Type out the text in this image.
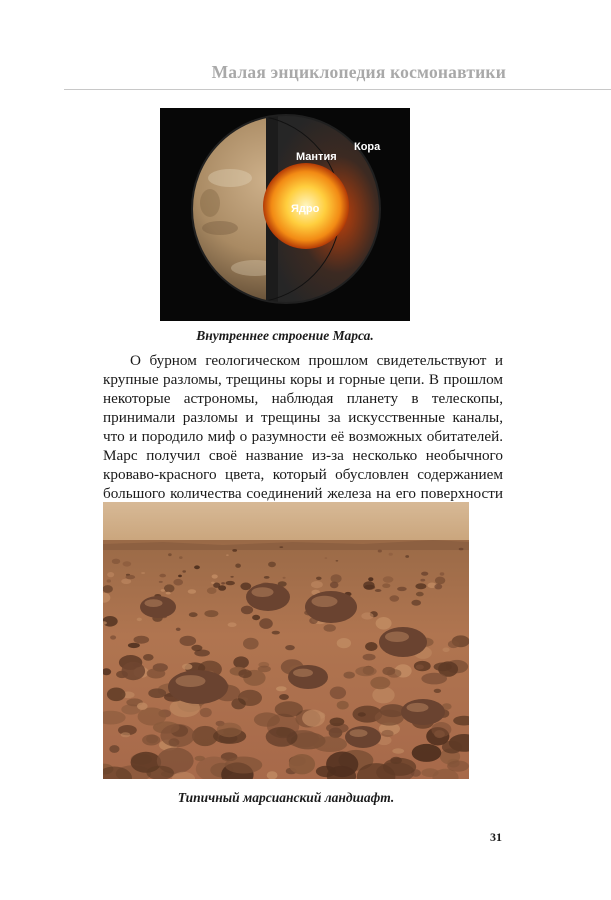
Малая энциклопедия космонавтики
Мантия
Кора
Ядро
Внутреннее строение Марса.

О бурном геологическом прошлом свидетельствуют и крупные разломы, трещины коры и горные цепи. В прошлом некоторые астрономы, наблюдая планету в телескопы, принимали разломы и трещины за искусственные каналы, что и породило миф о разумности её возможных обитателей. Марс получил своё название из-за несколько необычного кроваво-красного цвета, который обусловлен содержанием большого количества соединений железа на его поверхности

Типичный марсианский ландшафт.
31
